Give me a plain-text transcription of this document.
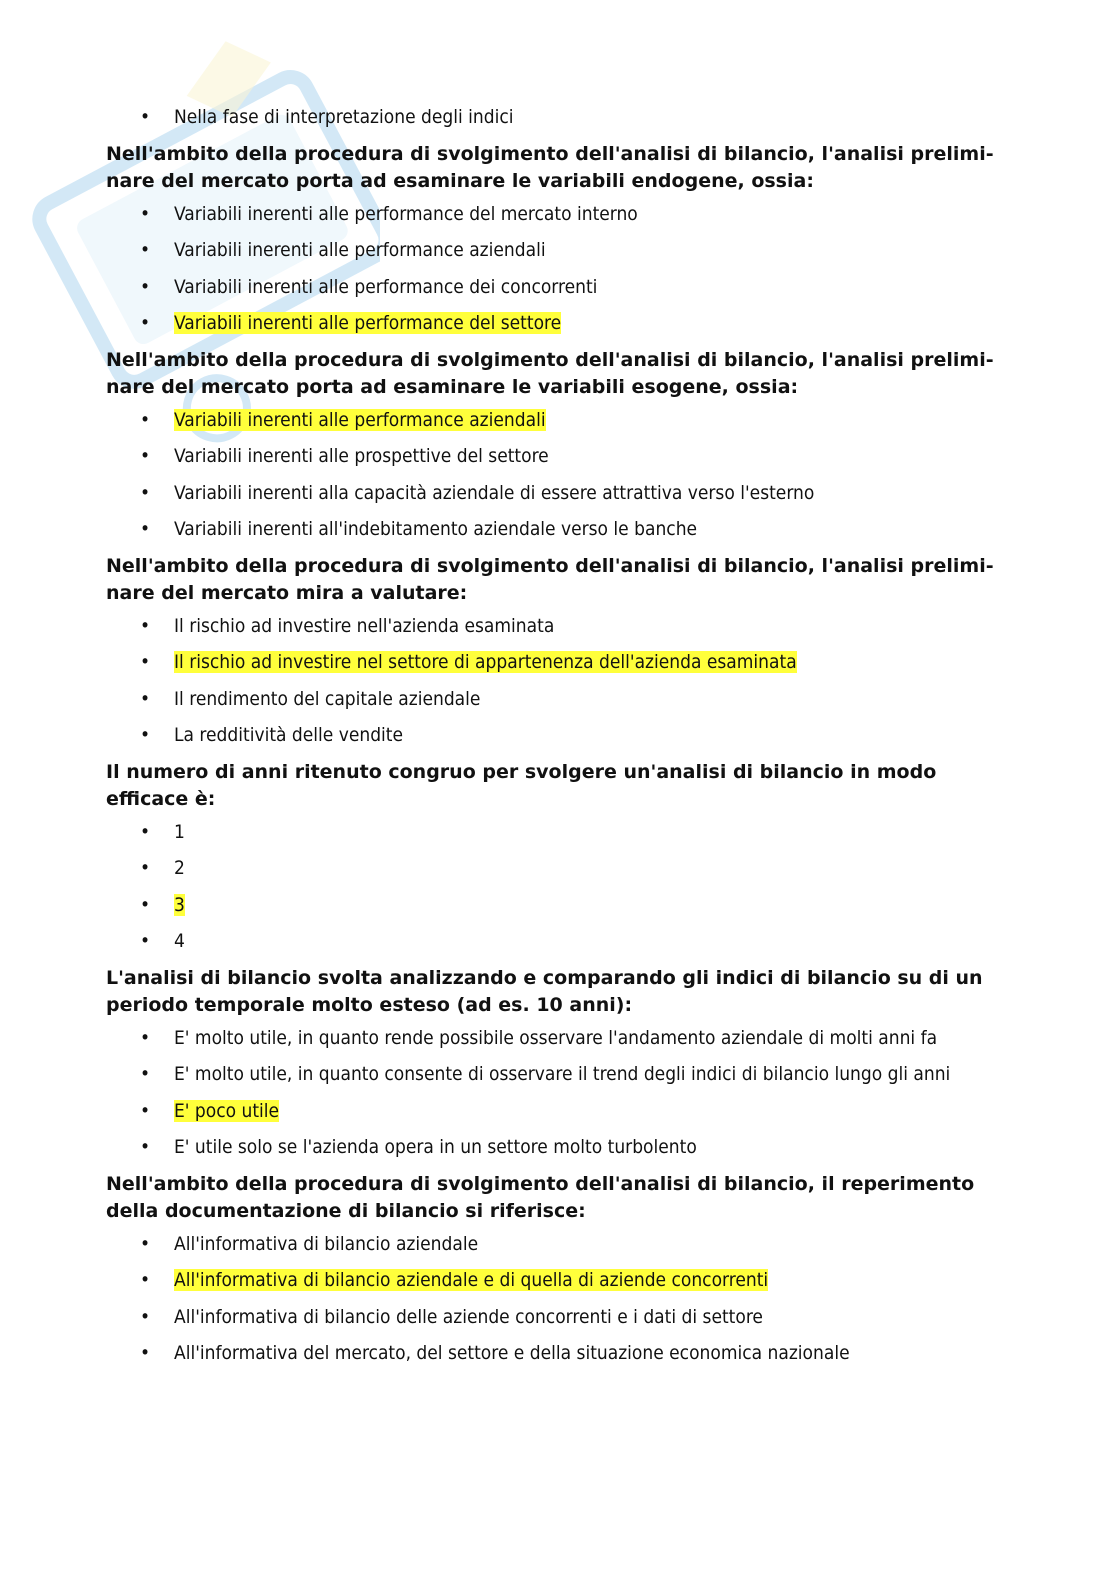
• Nella fase di interpretazione degli indici
Nell'ambito della procedura di svolgimento dell'analisi di bilancio, l'analisi preliminare del mercato porta ad esaminare le variabili endogene, ossia:
• Variabili inerenti alle performance del mercato interno
• Variabili inerenti alle performance aziendali
• Variabili inerenti alle performance dei concorrenti
• Variabili inerenti alle performance del settore
Nell'ambito della procedura di svolgimento dell'analisi di bilancio, l'analisi preliminare del mercato porta ad esaminare le variabili esogene, ossia:
• Variabili inerenti alle performance aziendali
• Variabili inerenti alle prospettive del settore
• Variabili inerenti alla capacità aziendale di essere attrattiva verso l'esterno
• Variabili inerenti all'indebitamento aziendale verso le banche
Nell'ambito della procedura di svolgimento dell'analisi di bilancio, l'analisi preliminare del mercato mira a valutare:
• Il rischio ad investire nell'azienda esaminata
• Il rischio ad investire nel settore di appartenenza dell'azienda esaminata
• Il rendimento del capitale aziendale
• La redditività delle vendite
Il numero di anni ritenuto congruo per svolgere un'analisi di bilancio in modo efficace è:
• 1
• 2
• 3
• 4
L'analisi di bilancio svolta analizzando e comparando gli indici di bilancio su di un periodo temporale molto esteso (ad es. 10 anni):
• E' molto utile, in quanto rende possibile osservare l'andamento aziendale di molti anni fa
• E' molto utile, in quanto consente di osservare il trend degli indici di bilancio lungo gli anni
• E' poco utile
• E' utile solo se l'azienda opera in un settore molto turbolento
Nell'ambito della procedura di svolgimento dell'analisi di bilancio, il reperimento della documentazione di bilancio si riferisce:
• All'informativa di bilancio aziendale
• All'informativa di bilancio aziendale e di quella di aziende concorrenti
• All'informativa di bilancio delle aziende concorrenti e i dati di settore
• All'informativa del mercato, del settore e della situazione economica nazionale
